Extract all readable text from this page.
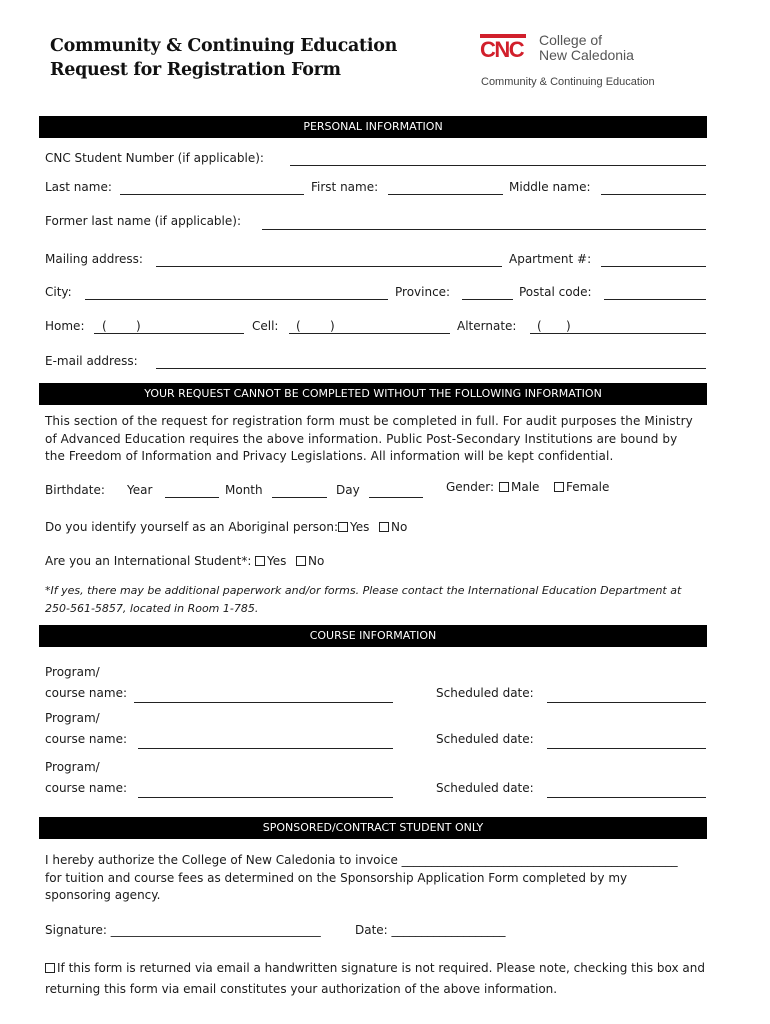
Community & Continuing Education
Request for Registration Form
CNC College of
New Caledonia
Community & Continuing Education
PERSONAL INFORMATION
CNC Student Number (if applicable):
Last name:	First name:	Middle name:
Former last name (if applicable):
Mailing address:	Apartment #:
City:	Province:	Postal code:
Home: ( )	Cell: ( )	Alternate: ( )
E-mail address:
YOUR REQUEST CANNOT BE COMPLETED WITHOUT THE FOLLOWING INFORMATION
This section of the request for registration form must be completed in full. For audit purposes the Ministry of Advanced Education requires the above information. Public Post-Secondary Institutions are bound by the Freedom of Information and Privacy Legislations. All information will be kept confidential.
Birthdate: Year	Month	Day	Gender:	Male	Female
Do you identify yourself as an Aboriginal person: Yes	No
Are you an International Student*:	Yes	No
*If yes, there may be additional paperwork and/or forms. Please contact the International Education Department at 250-561-5857, located in Room 1-785.
COURSE INFORMATION
Program/
course name:	Scheduled date:
Program/
course name:	Scheduled date:
Program/
course name:	Scheduled date:
SPONSORED/CONTRACT STUDENT ONLY
I hereby authorize the College of New Caledonia to invoice ______________________________________________
for tuition and course fees as determined on the Sponsorship Application Form completed by my sponsoring agency.
Signature: ___________________________________	Date: ___________________
If this form is returned via email a handwritten signature is not required. Please note, checking this box and
returning this form via email constitutes your authorization of the above information.
